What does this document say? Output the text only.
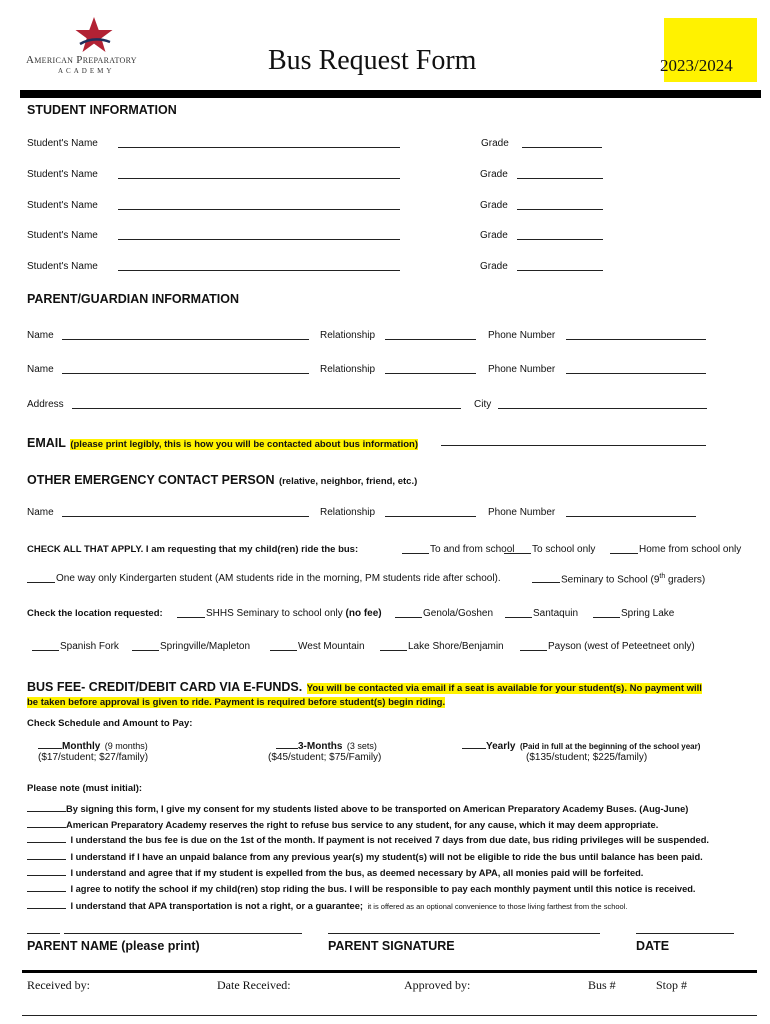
American Preparatory
ACADEMY	Bus Request Form	2023/2024
STUDENT INFORMATION
Student's Name	Grade
Student's Name	Grade
Student's Name	Grade
Student's Name	Grade
Student's Name	Grade
PARENT/GUARDIAN INFORMATION
Name	Relationship	Phone Number
Name	Relationship	Phone Number
Address	City
EMAIL (please print legibly, this is how you will be contacted about bus information)
OTHER EMERGENCY CONTACT PERSON (relative, neighbor, friend, etc.)
Name	Relationship	Phone Number
CHECK ALL THAT APPLY. I am requesting that my child(ren) ride the bus:	To and from school To school only	Home from school only
One way only Kindergarten student (AM students ride in the morning, PM students ride after school).	Seminary to School (9th graders)
Check the location requested:	SHHS Seminary to school only (no fee)	Genola/Goshen	Santaquin	Spring Lake
Spanish Fork	Springville/Mapleton	West Mountain	Lake Shore/Benjamin	Payson (west of Peteetneet only)
BUS FEE- CREDIT/DEBIT CARD VIA E-FUNDS. You will be contacted via email if a seat is available for your student(s). No payment will
be taken before approval is given to ride. Payment is required before student(s) begin riding.
Check Schedule and Amount to Pay:
Monthly (9 months)
($17/student; $27/family)
3-Months (3 sets)
($45/student; $75/Family)
Yearly (Paid in full at the beginning of the school year)
($135/student; $225/family)
Please note (must initial):
By signing this form, I give my consent for my students listed above to be transported on American Preparatory Academy Buses. (Aug-June)
American Preparatory Academy reserves the right to refuse bus service to any student, for any cause, which it may deem appropriate.
I understand the bus fee is due on the 1st of the month. If payment is not received 7 days from due date, bus riding privileges will be suspended.
I understand if I have an unpaid balance from any previous year(s) my student(s) will not be eligible to ride the bus until balance has been paid.
I understand and agree that if my student is expelled from the bus, as deemed necessary by APA, all monies paid will be forfeited.
I agree to notify the school if my child(ren) stop riding the bus. I will be responsible to pay each monthly payment until this notice is received.
I understand that APA transportation is not a right, or a guarantee; it is offered as an optional convenience to those living farthest from the school.
PARENT NAME (please print)	PARENT SIGNATURE	DATE
Received by:	Date Received:	Approved by:	Bus #	Stop #
